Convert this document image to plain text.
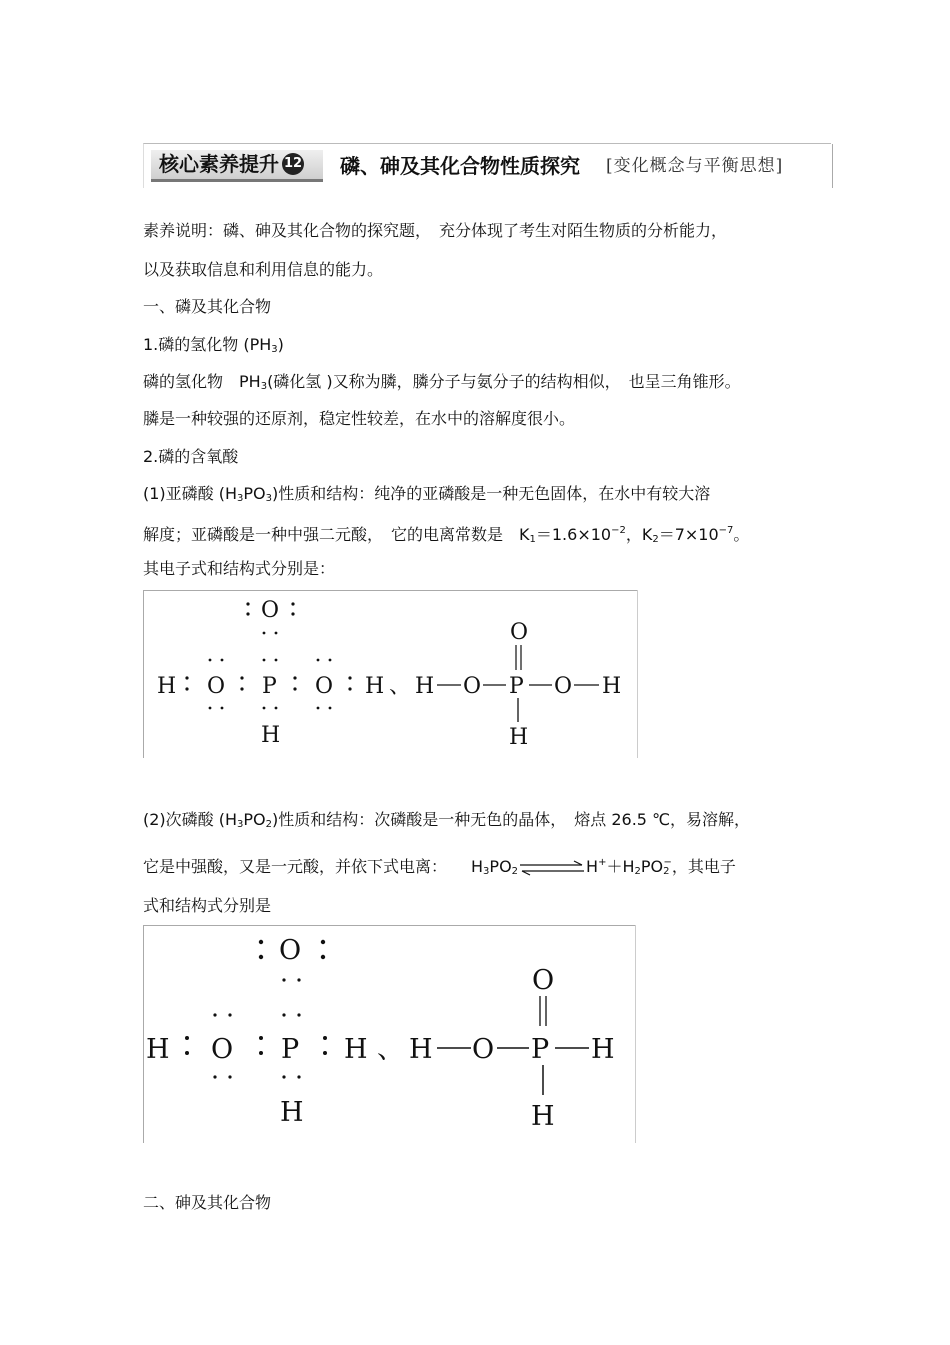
核心素养提升 12	磷、砷及其化合物性质探究 [变化概念与平衡思想]
素养说明：磷、砷及其化合物的探究题，　充分体现了考生对陌生物质的分析能力，
以及获取信息和利用信息的能力。
一、磷及其化合物
1.磷的氢化物 $(PH_3)$
磷的氢化物　$PH_3$(磷化氢 )又称为膦，膦分子与氨分子的结构相似，　也呈三角锥形。
膦是一种较强的还原剂，稳定性较差，在水中的溶解度很小。
2.磷的含氧酸
(1)亚磷酸 $(H_3PO_3)$性质和结构：纯净的亚磷酸是一种无色固体，在水中有较大溶
解度；亚磷酸是一种中强二元酸，　它的电离常数是　$K_1=1.6\times 10^{-2}$，$K_2=7\times 10^{-7}$。
其电子式和结构式分别是：
H O P O H
O
H
、 H O P O H
O
H
(2)次磷酸 $(H_3PO_2)$性质和结构：次磷酸是一种无色的晶体，　熔点 26.5 ℃，易溶解，
它是中强酸，又是一元酸，并依下式电离：　　$H_3PO_2$	$H^++H_2PO_2^-$，其电子
式和结构式分别是
H O P H
O
H
、 H O P H
O
H
二、砷及其化合物
